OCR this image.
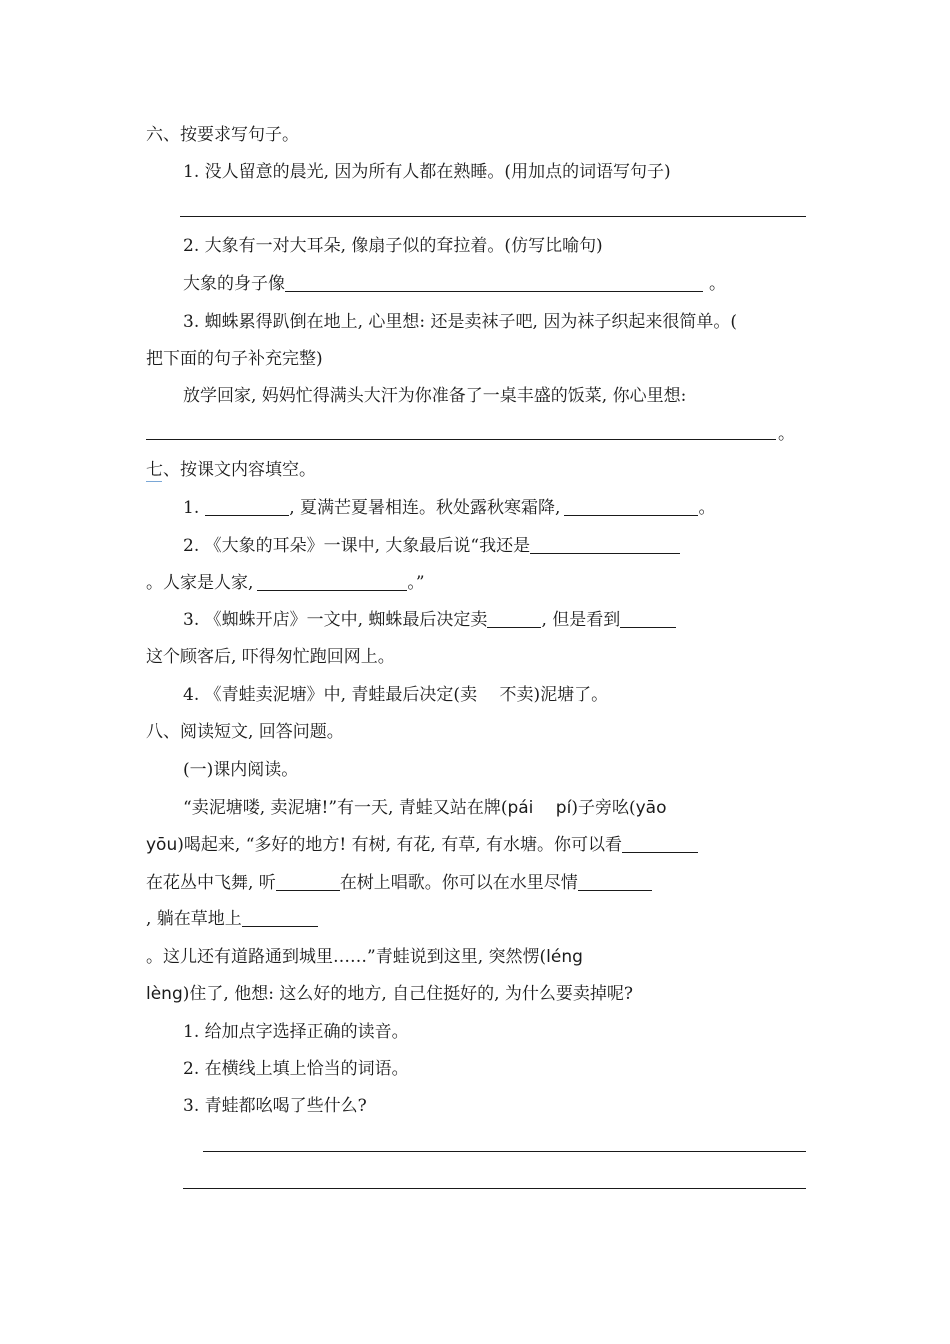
六、按要求写句子。
1. 没人留意的晨光, 因为所有人都在熟睡。(用加点的词语写句子)
2. 大象有一对大耳朵, 像扇子似的耷拉着。(仿写比喻句)
大象的身子像	。
3. 蜘蛛累得趴倒在地上, 心里想: 还是卖袜子吧, 因为袜子织起来很简单。(
把下面的句子补充完整)
放学回家, 妈妈忙得满头大汗为你准备了一桌丰盛的饭菜, 你心里想:
。
七、按课文内容填空。
1.	, 夏满芒夏暑相连。秋处露秋寒霜降,	。
2. 《大象的耳朵》一课中, 大象最后说“我还是
。人家是人家,	。”
3. 《蜘蛛开店》一文中, 蜘蛛最后决定卖	, 但是看到
这个顾客后, 吓得匆忙跑回网上。
4. 《青蛙卖泥塘》中, 青蛙最后决定(卖　 不卖)泥塘了。
八、阅读短文, 回答问题。
(一)课内阅读。
“卖泥塘喽, 卖泥塘!”有一天, 青蛙又站在牌(pái　 pí)子旁吆(yāo
yōu)喝起来, “多好的地方! 有树, 有花, 有草, 有水塘。你可以看
在花丛中飞舞, 听	在树上唱歌。你可以在水里尽情
, 躺在草地上
。这儿还有道路通到城里……”青蛙说到这里, 突然愣(léng
lèng)住了, 他想: 这么好的地方, 自己住挺好的, 为什么要卖掉呢?
1. 给加点字选择正确的读音。
2. 在横线上填上恰当的词语。
3. 青蛙都吆喝了些什么?
